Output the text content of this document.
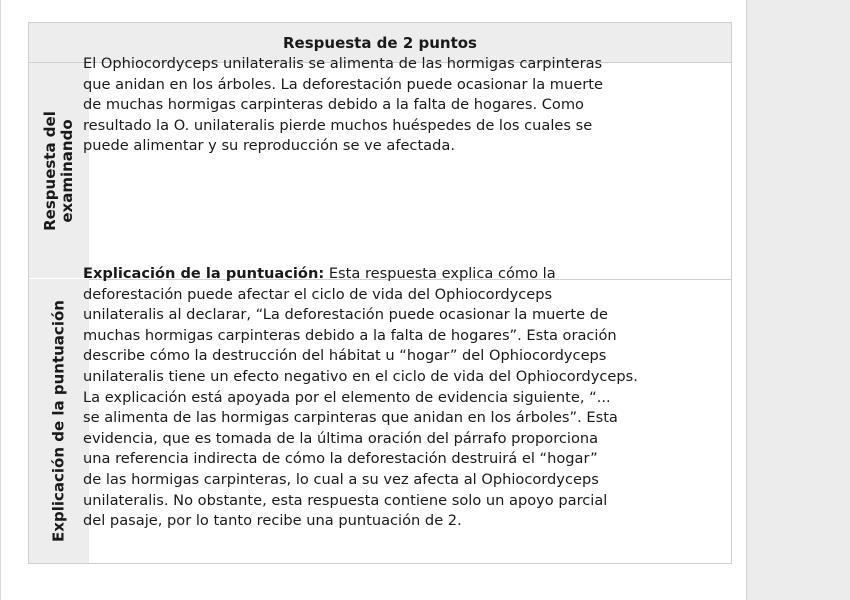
Respuesta de 2 puntos
Respuesta del examinando
Explicación de la puntuación
El Ophiocordyceps unilateralis se alimenta de las hormigas carpinteras
que anidan en los árboles. La deforestación puede ocasionar la muerte
de muchas hormigas carpinteras debido a la falta de hogares. Como
resultado la O. unilateralis pierde muchos huéspedes de los cuales se
puede alimentar y su reproducción se ve afectada.
Explicación de la puntuación: Esta respuesta explica cómo la
deforestación puede afectar el ciclo de vida del Ophiocordyceps
unilateralis al declarar, “La deforestación puede ocasionar la muerte de
muchas hormigas carpinteras debido a la falta de hogares”. Esta oración
describe cómo la destrucción del hábitat u “hogar” del Ophiocordyceps
unilateralis tiene un efecto negativo en el ciclo de vida del Ophiocordyceps.
La explicación está apoyada por el elemento de evidencia siguiente, “...
se alimenta de las hormigas carpinteras que anidan en los árboles”. Esta
evidencia, que es tomada de la última oración del párrafo proporciona
una referencia indirecta de cómo la deforestación destruirá el “hogar”
de las hormigas carpinteras, lo cual a su vez afecta al Ophiocordyceps
unilateralis. No obstante, esta respuesta contiene solo un apoyo parcial
del pasaje, por lo tanto recibe una puntuación de 2.
